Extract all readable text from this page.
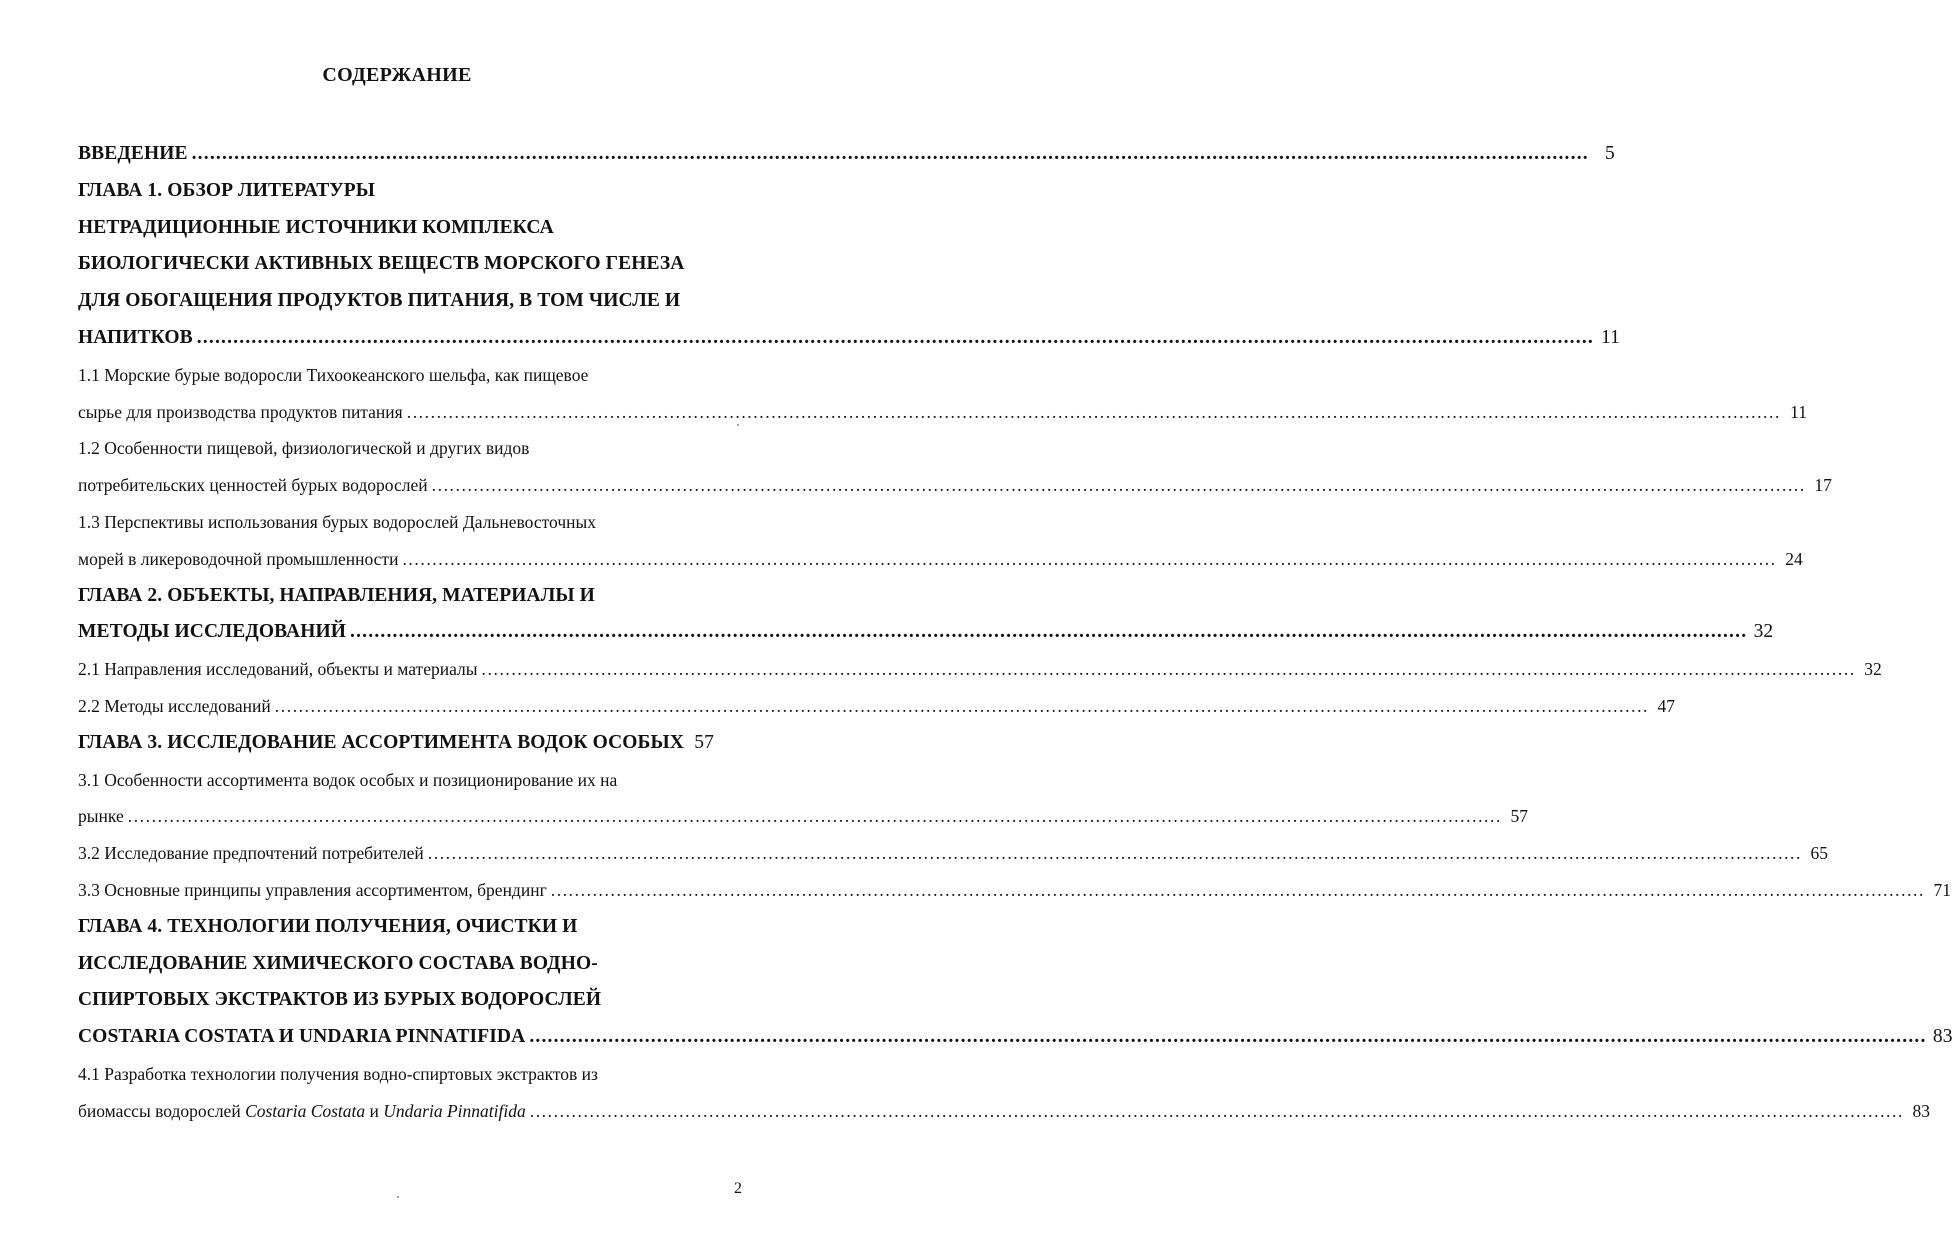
СОДЕРЖАНИЕ
ВВЕДЕНИЕ .....	5
ГЛАВА 1. ОБЗОР ЛИТЕРАТУРЫ
НЕТРАДИЦИОННЫЕ ИСТОЧНИКИ КОМПЛЕКСА
БИОЛОГИЧЕСКИ АКТИВНЫХ ВЕЩЕСТВ МОРСКОГО ГЕНЕЗА
ДЛЯ ОБОГАЩЕНИЯ ПРОДУКТОВ ПИТАНИЯ, В ТОМ ЧИСЛЕ И
НАПИТКОВ .....	11
1.1 Морские бурые водоросли Тихоокеанского шельфа, как пищевое
сырье для производства продуктов питания .....	11
1.2 Особенности пищевой, физиологической и других видов
потребительских ценностей бурых водорослей .....	17
1.3 Перспективы использования бурых водорослей Дальневосточных
морей в ликероводочной промышленности .....	24
ГЛАВА 2. ОБЪЕКТЫ, НАПРАВЛЕНИЯ, МАТЕРИАЛЫ И
МЕТОДЫ ИССЛЕДОВАНИЙ .....	32
2.1 Направления исследований, объекты и материалы .....	32
2.2 Методы исследований .....	47
ГЛАВА 3. ИССЛЕДОВАНИЕ АССОРТИМЕНТА ВОДОК ОСОБЫХ 57
3.1 Особенности ассортимента водок особых и позиционирование их на
рынке .....	57
3.2 Исследование предпочтений потребителей .....	65
3.3 Основные принципы управления ассортиментом, брендинг .....	71
ГЛАВА 4. ТЕХНОЛОГИИ ПОЛУЧЕНИЯ, ОЧИСТКИ И
ИССЛЕДОВАНИЕ ХИМИЧЕСКОГО СОСТАВА ВОДНО-
СПИРТОВЫХ ЭКСТРАКТОВ ИЗ БУРЫХ ВОДОРОСЛЕЙ
COSTARIA COSTATA И UNDARIA PINNATIFIDA .....	83
4.1 Разработка технологии получения водно-спиртовых экстрактов из
биомассы водорослей Costaria Costata и Undaria Pinnatifida .....	83
2
